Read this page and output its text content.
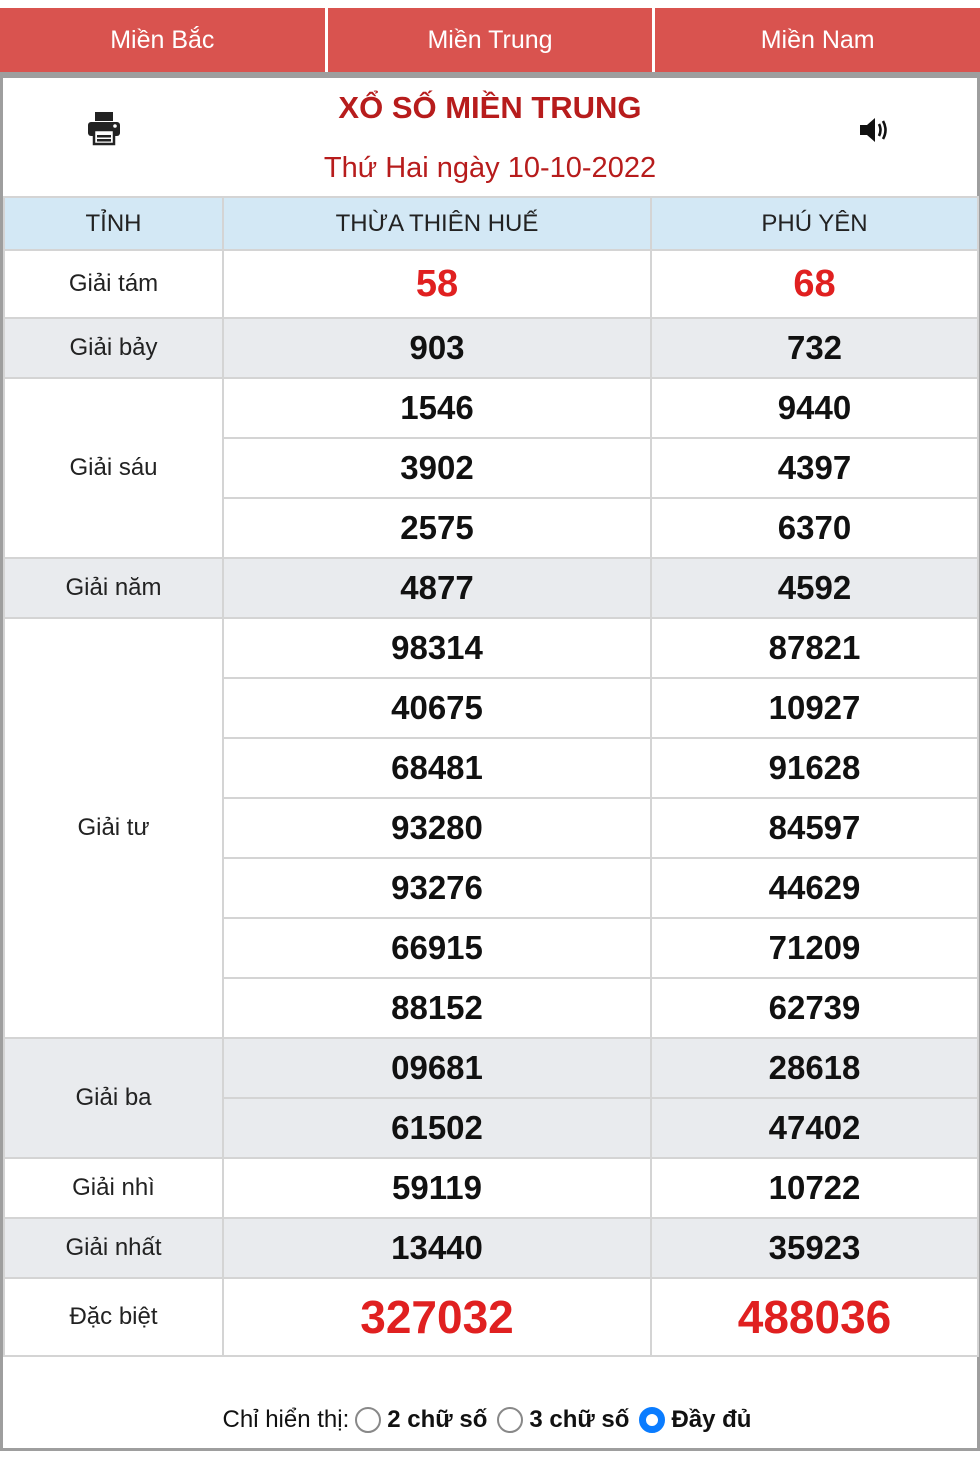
Miền Bắc	Miền Trung	Miền Nam
XỔ SỐ MIỀN TRUNG
Thứ Hai ngày 10-10-2022
TỈNH	THỪA THIÊN HUẾ	PHÚ YÊN
Giải tám	58	68
Giải bảy	903	732
Giải sáu	1546	9440
	3902	4397
	2575	6370
Giải năm	4877	4592
Giải tư	98314	87821
	40675	10927
	68481	91628
	93280	84597
	93276	44629
	66915	71209
	88152	62739
Giải ba	09681	28618
	61502	47402
Giải nhì	59119	10722
Giải nhất	13440	35923
Đặc biệt	327032	488036
Chỉ hiển thị: 2 chữ số 3 chữ số Đầy đủ
